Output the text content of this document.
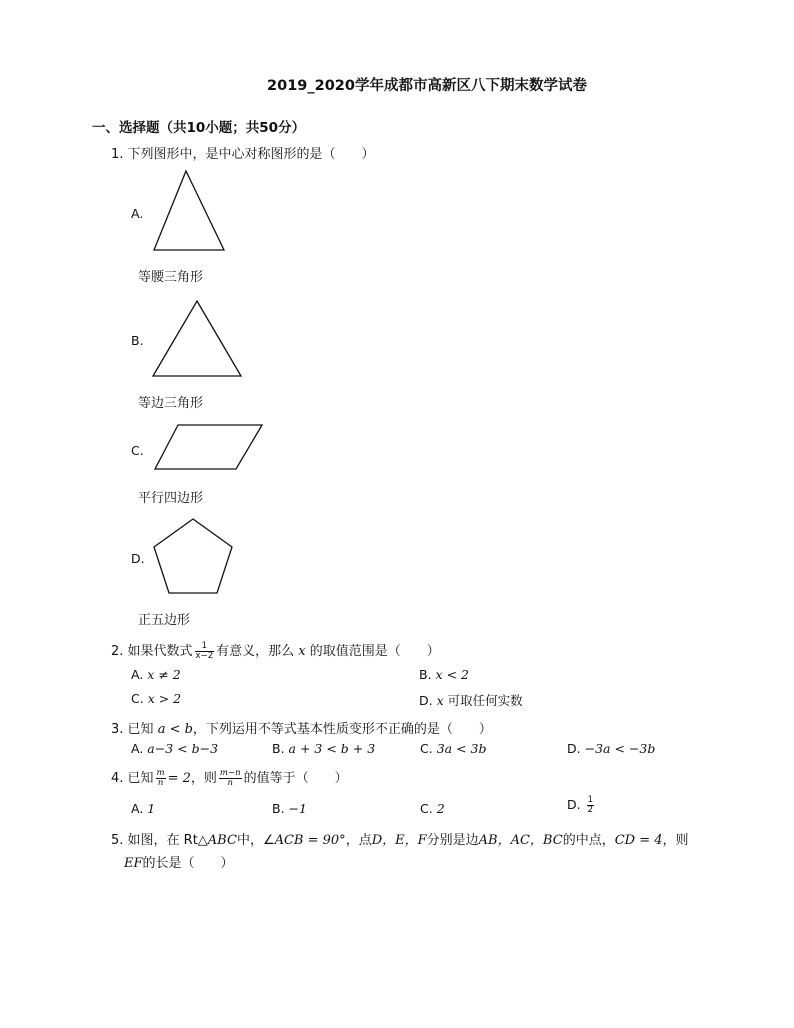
2019_2020学年成都市高新区八下期末数学试卷
一、选择题（共10小题；共50分）
1. 下列图形中，是中心对称图形的是（　　）
A.
等腰三角形
B.
等边三角形
C.
平行四边形
D.
正五边形
2. 如果代数式 $\frac{1}{x-2}$ 有意义，那么 x 的取值范围是（　　）
A. x ≠ 2	B. x < 2
C. x > 2	D. x 可取任何实数
3. 已知 a < b，下列运用不等式基本性质变形不正确的是（　　）
A. a−3 < b−3	B. a + 3 < b + 3	C. 3a < 3b	D. −3a < −3b
4. 已知 $\frac{m}{n} = 2$，则 $\frac{m-n}{n}$ 的值等于（　　）
A. 1	B. −1	C. 2	D. $\frac{1}{2}$
5. 如图，在 Rt△ABC中，∠ACB = 90°，点D，E，F分别是边AB，AC，BC的中点，CD = 4，则
EF的长是（　　）
